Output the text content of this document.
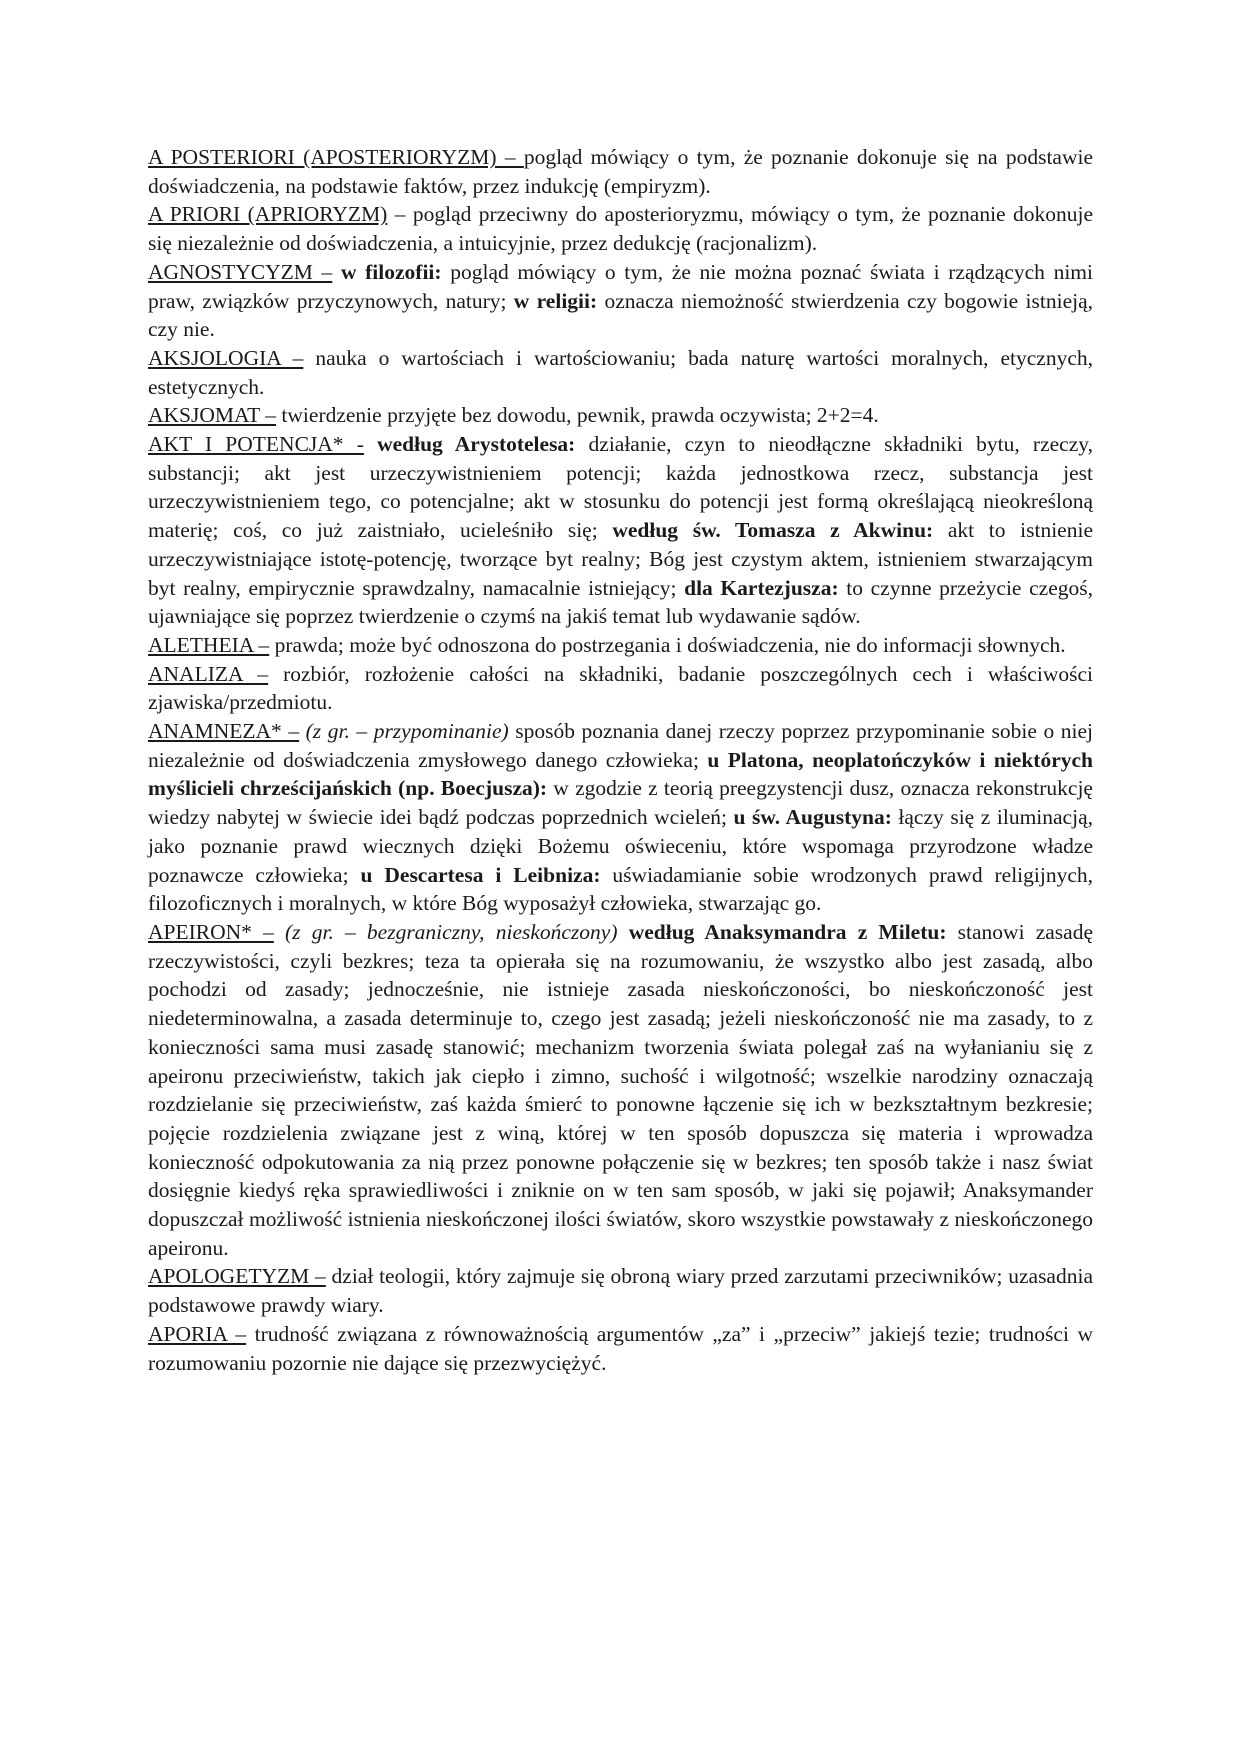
A POSTERIORI (APOSTERIORYZM) – pogląd mówiący o tym, że poznanie dokonuje się na podstawie doświadczenia, na podstawie faktów, przez indukcję (empiryzm).

A PRIORI (APRIORYZM) – pogląd przeciwny do aposterioryzmu, mówiący o tym, że poznanie dokonuje się niezależnie od doświadczenia, a intuicyjnie, przez dedukcję (racjonalizm).

AGNOSTYCYZM – w filozofii: pogląd mówiący o tym, że nie można poznać świata i rządzących nimi praw, związków przyczynowych, natury; w religii: oznacza niemożność stwierdzenia czy bogowie istnieją, czy nie.

AKSJOLOGIA – nauka o wartościach i wartościowaniu; bada naturę wartości moralnych, etycznych, estetycznych.

AKSJOMAT – twierdzenie przyjęte bez dowodu, pewnik, prawda oczywista; 2+2=4.

AKT I POTENCJA* - według Arystotelesa: działanie, czyn to nieodłączne składniki bytu, rzeczy, substancji; akt jest urzeczywistnieniem potencji; każda jednostkowa rzecz, substancja jest urzeczywistnieniem tego, co potencjalne; akt w stosunku do potencji jest formą określającą nieokreśloną materię; coś, co już zaistniało, ucieleśniło się; według św. Tomasza z Akwinu: akt to istnienie urzeczywistniające istotę-potencję, tworzące byt realny; Bóg jest czystym aktem, istnieniem stwarzającym byt realny, empirycznie sprawdzalny, namacalnie istniejący; dla Kartezjusza: to czynne przeżycie czegoś, ujawniające się poprzez twierdzenie o czymś na jakiś temat lub wydawanie sądów.

ALETHEIA – prawda; może być odnoszona do postrzegania i doświadczenia, nie do informacji słownych.

ANALIZA – rozbiór, rozłożenie całości na składniki, badanie poszczególnych cech i właściwości zjawiska/przedmiotu.

ANAMNEZA* – (z gr. – przypominanie) sposób poznania danej rzeczy poprzez przypominanie sobie o niej niezależnie od doświadczenia zmysłowego danego człowieka; u Platona, neoplatończyków i niektórych myślicieli chrześcijańskich (np. Boecjusza): w zgodzie z teorią preegzystencji dusz, oznacza rekonstrukcję wiedzy nabytej w świecie idei bądź podczas poprzednich wcieleń; u św. Augustyna: łączy się z iluminacją, jako poznanie prawd wiecznych dzięki Bożemu oświeceniu, które wspomaga przyrodzone władze poznawcze człowieka; u Descartesa i Leibniza: uświadamianie sobie wrodzonych prawd religijnych, filozoficznych i moralnych, w które Bóg wyposażył człowieka, stwarzając go.

APEIRON* – (z gr. – bezgraniczny, nieskończony) według Anaksymandra z Miletu: stanowi zasadę rzeczywistości, czyli bezkres; teza ta opierała się na rozumowaniu, że wszystko albo jest zasadą, albo pochodzi od zasady; jednocześnie, nie istnieje zasada nieskończoności, bo nieskończoność jest niedeterminowalna, a zasada determinuje to, czego jest zasadą; jeżeli nieskończoność nie ma zasady, to z konieczności sama musi zasadę stanowić; mechanizm tworzenia świata polegał zaś na wyłanianiu się z apeironu przeciwieństw, takich jak ciepło i zimno, suchość i wilgotność; wszelkie narodziny oznaczają rozdzielanie się przeciwieństw, zaś każda śmierć to ponowne łączenie się ich w bezkształtnym bezkresie; pojęcie rozdzielenia związane jest z winą, której w ten sposób dopuszcza się materia i wprowadza konieczność odpokutowania za nią przez ponowne połączenie się w bezkres; ten sposób także i nasz świat dosięgnie kiedyś ręka sprawiedliwości i zniknie on w ten sam sposób, w jaki się pojawił; Anaksymander dopuszczał możliwość istnienia nieskończonej ilości światów, skoro wszystkie powstawały z nieskończonego apeironu.

APOLOGETYZM – dział teologii, który zajmuje się obroną wiary przed zarzutami przeciwników; uzasadnia podstawowe prawdy wiary.

APORIA – trudność związana z równoważnością argumentów „za” i „przeciw” jakiejś tezie; trudności w rozumowaniu pozornie nie dające się przezwyciężyć.
